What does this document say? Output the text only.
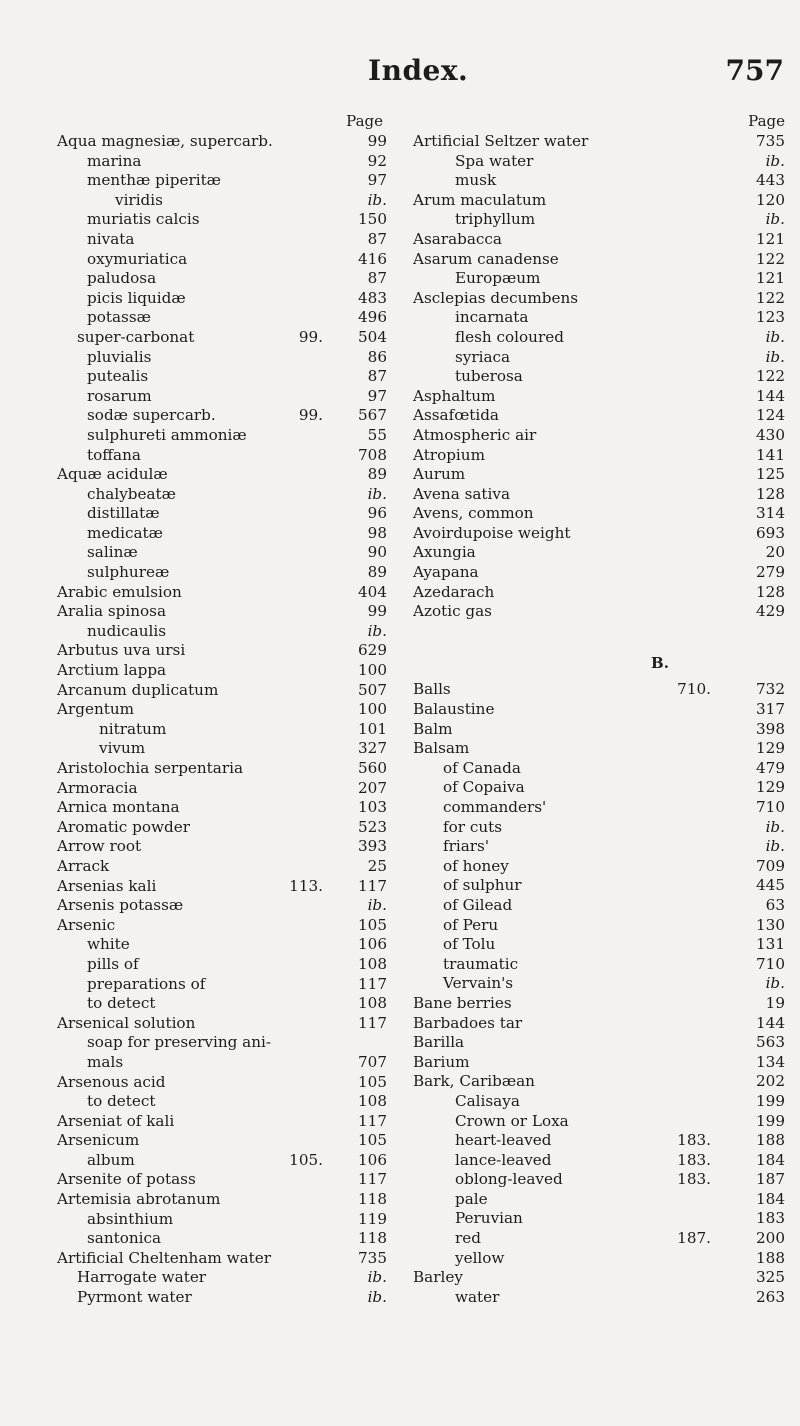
Index.	757
Page
Aqua magnesiæ, supercarb.	99
marina	92
menthæ piperitæ	97
viridis	ib.
muriatis calcis	150
nivata	87
oxymuriatica	416
paludosa	87
picis liquidæ	483
potassæ	496
super-carbonat	99.	504
pluvialis	86
putealis	87
rosarum	97
sodæ supercarb.	99.	567
sulphureti ammoniæ	55
toffana	708
Aquæ acidulæ	89
chalybeatæ	ib.
distillatæ	96
medicatæ	98
salinæ	90
sulphureæ	89
Arabic emulsion	404
Aralia spinosa	99
nudicaulis	ib.
Arbutus uva ursi	629
Arctium lappa	100
Arcanum duplicatum	507
Argentum	100
nitratum	101
vivum	327
Aristolochia serpentaria	560
Armoracia	207
Arnica montana	103
Aromatic powder	523
Arrow root	393
Arrack	25
Arsenias kali	113.	117
Arsenis potassæ	ib.
Arsenic	105
white	106
pills of	108
preparations of	117
to detect	108
Arsenical solution	117
soap for preserving ani-
mals	707
Arsenous acid	105
to detect	108
Arseniat of kali	117
Arsenicum	105
album	105.	106
Arsenite of potass	117
Artemisia abrotanum	118
absinthium	119
santonica	118
Artificial Cheltenham water	735
Harrogate water	ib.
Pyrmont water	ib.
Page
Artificial Seltzer water	735
Spa water	ib.
musk	443
Arum maculatum	120
triphyllum	ib.
Asarabacca	121
Asarum canadense	122
Europæum	121
Asclepias decumbens	122
incarnata	123
flesh coloured	ib.
syriaca	ib.
tuberosa	122
Asphaltum	144
Assafœtida	124
Atmospheric air	430
Atropium	141
Aurum	125
Avena sativa	128
Avens, common	314
Avoirdupoise weight	693
Axungia	20
Ayapana	279
Azedarach	128
Azotic gas	429
B.
Balls	710.	732
Balaustine	317
Balm	398
Balsam	129
of Canada	479
of Copaiva	129
commanders'	710
for cuts	ib.
friars'	ib.
of honey	709
of sulphur	445
of Gilead	63
of Peru	130
of Tolu	131
traumatic	710
Vervain's	ib.
Bane berries	19
Barbadoes tar	144
Barilla	563
Barium	134
Bark, Caribæan	202
Calisaya	199
Crown or Loxa	199
heart-leaved	183.	188
lance-leaved	183.	184
oblong-leaved	183.	187
pale	184
Peruvian	183
red	187.	200
yellow	188
Barley	325
water	263
